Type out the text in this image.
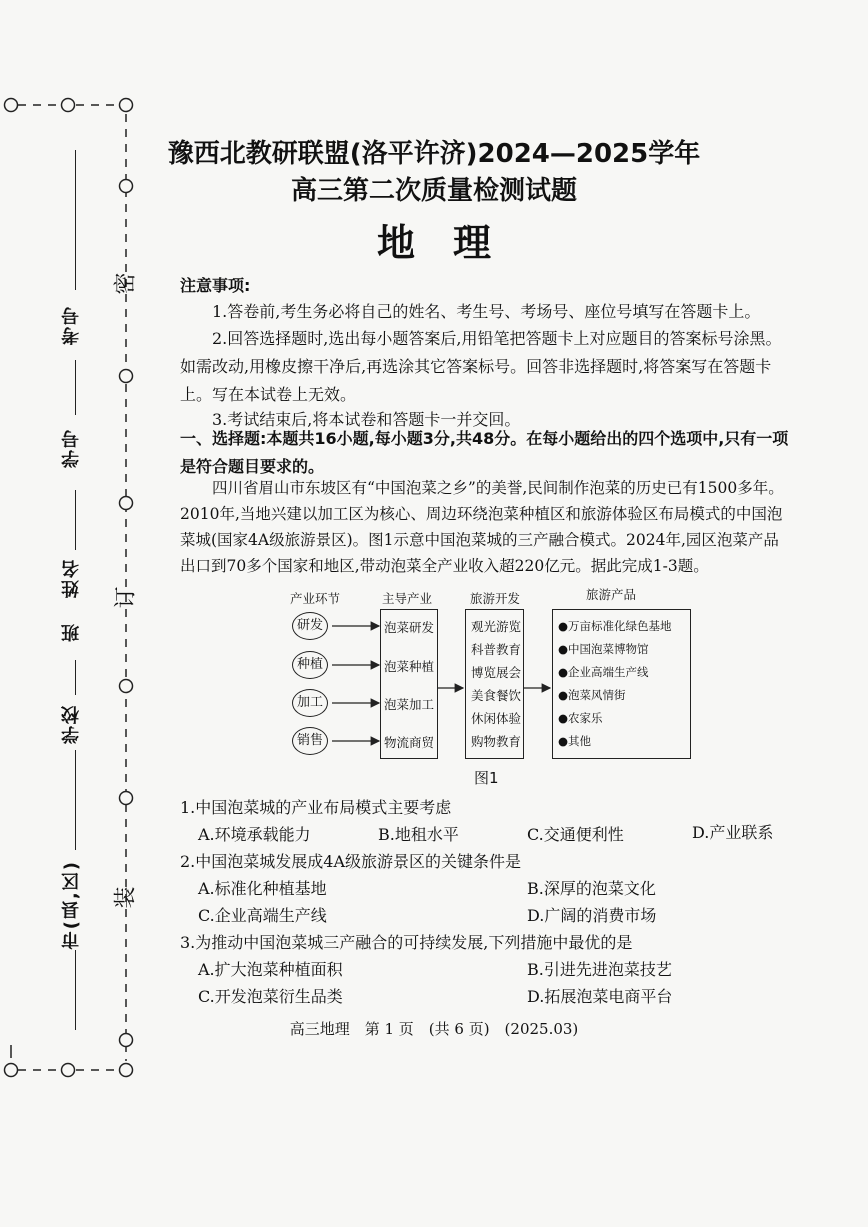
考号
学号
姓名
班
学校
市(县,区)
密
订
装
豫西北教研联盟(洛平许济)2024—2025学年
高三第二次质量检测试题
地理
注意事项:
1.答卷前,考生务必将自己的姓名、考生号、考场号、座位号填写在答题卡上。
2.回答选择题时,选出每小题答案后,用铅笔把答题卡上对应题目的答案标号涂黑。如需改动,用橡皮擦干净后,再选涂其它答案标号。回答非选择题时,将答案写在答题卡上。写在本试卷上无效。
3.考试结束后,将本试卷和答题卡一并交回。
一、选择题:本题共16小题,每小题3分,共48分。在每小题给出的四个选项中,只有一项是符合题目要求的。
四川省眉山市东坡区有“中国泡菜之乡”的美誉,民间制作泡菜的历史已有1500多年。2010年,当地兴建以加工区为核心、周边环绕泡菜种植区和旅游体验区布局模式的中国泡菜城(国家4A级旅游景区)。图1示意中国泡菜城的三产融合模式。2024年,园区泡菜产品出口到70多个国家和地区,带动泡菜全产业收入超220亿元。据此完成1-3题。
产业环节	主导产业	旅游开发	旅游产品
研发
种植
加工
销售
泡菜研发
泡菜种植
泡菜加工
物流商贸
观光游览
科普教育
博览展会
美食餐饮
休闲体验
购物教育
●万亩标准化绿色基地
●中国泡菜博物馆
●企业高端生产线
●泡菜风情街
●农家乐
●其他
图1
1.中国泡菜城的产业布局模式主要考虑
A.环境承载能力	B.地租水平	C.交通便利性	D.产业联系
2.中国泡菜城发展成4A级旅游景区的关键条件是
A.标准化种植基地	B.深厚的泡菜文化
C.企业高端生产线	D.广阔的消费市场
3.为推动中国泡菜城三产融合的可持续发展,下列措施中最优的是
A.扩大泡菜种植面积	B.引进先进泡菜技艺
C.开发泡菜衍生品类	D.拓展泡菜电商平台
高三地理　第 1 页　(共 6 页)　(2025.03)
